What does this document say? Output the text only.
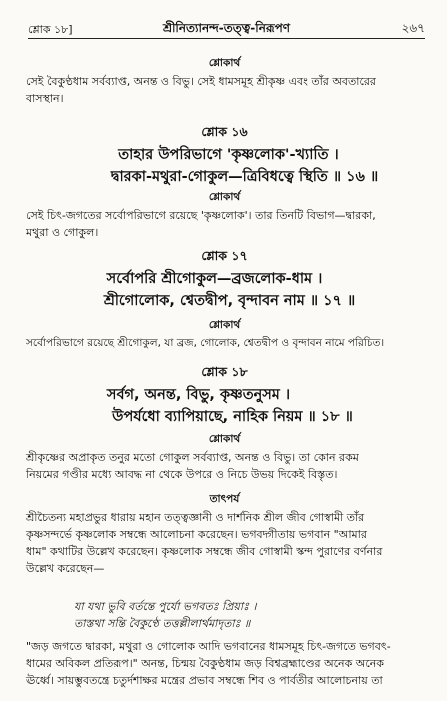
শ্লোক ১৮]	শ্রীনিত্যানন্দ-তত্ত্ব-নিরূপণ	২৬৭
শ্লোকার্থ
সেই বৈকুণ্ঠধাম সর্বব্যাপ্ত, অনন্ত ও বিভু। সেই ধামসমূহ শ্রীকৃষ্ণ এবং তাঁর অবতারের
বাসস্থান।
শ্লোক ১৬
তাহার উপরিভাগে 'কৃষ্ণলোক'-খ্যাতি ।
দ্বারকা-মথুরা-গোকুল—ত্রিবিধত্বে স্থিতি ॥ ১৬ ॥
শ্লোকার্থ
সেই চিৎ-জগতের সর্বোপরিভাগে রয়েছে 'কৃষ্ণলোক'। তার তিনটি বিভাগ—দ্বারকা,
মথুরা ও গোকুল।
শ্লোক ১৭
সর্বোপরি শ্রীগোকুল—ব্রজলোক-ধাম ।
শ্রীগোলোক, শ্বেতদ্বীপ, বৃন্দাবন নাম ॥ ১৭ ॥
শ্লোকার্থ
সর্বোপরিভাগে রয়েছে শ্রীগোকুল, যা ব্রজ, গোলোক, শ্বেতদ্বীপ ও বৃন্দাবন নামে পরিচিত।
শ্লোক ১৮
সর্বগ, অনন্ত, বিভু, কৃষ্ণতনুসম ।
উপর্যধো ব্যাপিয়াছে, নাহিক নিয়ম ॥ ১৮ ॥
শ্লোকার্থ
শ্রীকৃষ্ণের অপ্রাকৃত তনুর মতো গোকুল সর্বব্যাপ্ত, অনন্ত ও বিভু। তা কোন রকম
নিয়মের গণ্ডীর মধ্যে আবদ্ধ না থেকে উপরে ও নিচে উভয় দিকেই বিস্তৃত।
তাৎপর্য
শ্রীচৈতন্য মহাপ্রভুর ধারায় মহান তত্ত্বজ্ঞানী ও দার্শনিক শ্রীল জীব গোস্বামী তাঁর
কৃষ্ণসন্দর্ভে কৃষ্ণলোক সম্বন্ধে আলোচনা করেছেন। ভগবদ্গীতায় ভগবান "আমার
ধাম" কথাটির উল্লেখ করেছেন। কৃষ্ণলোক সম্বন্ধে জীব গোস্বামী স্কন্দ পুরাণের বর্ণনার
উল্লেখ করেছেন—
যা যথা ভুবি বর্তন্তে পুর্যো ভগবতঃ প্রিয়াঃ ।
তাস্তথা সন্তি বৈকুণ্ঠে তত্তল্লীলার্থমাদৃতাঃ ॥
"জড় জগতে দ্বারকা, মথুরা ও গোলোক আদি ভগবানের ধামসমূহ চিৎ-জগতে ভগবৎ-
ধামের অবিকল প্রতিরূপ।" অনন্ত, চিন্ময় বৈকুণ্ঠধাম জড় বিশ্বব্রহ্মাণ্ডের অনেক অনেক
ঊর্ধ্বে। সায়ম্ভুবতন্ত্রে চতুর্দশাক্ষর মন্ত্রের প্রভাব সম্বন্ধে শিব ও পার্বতীর আলোচনায় তা
